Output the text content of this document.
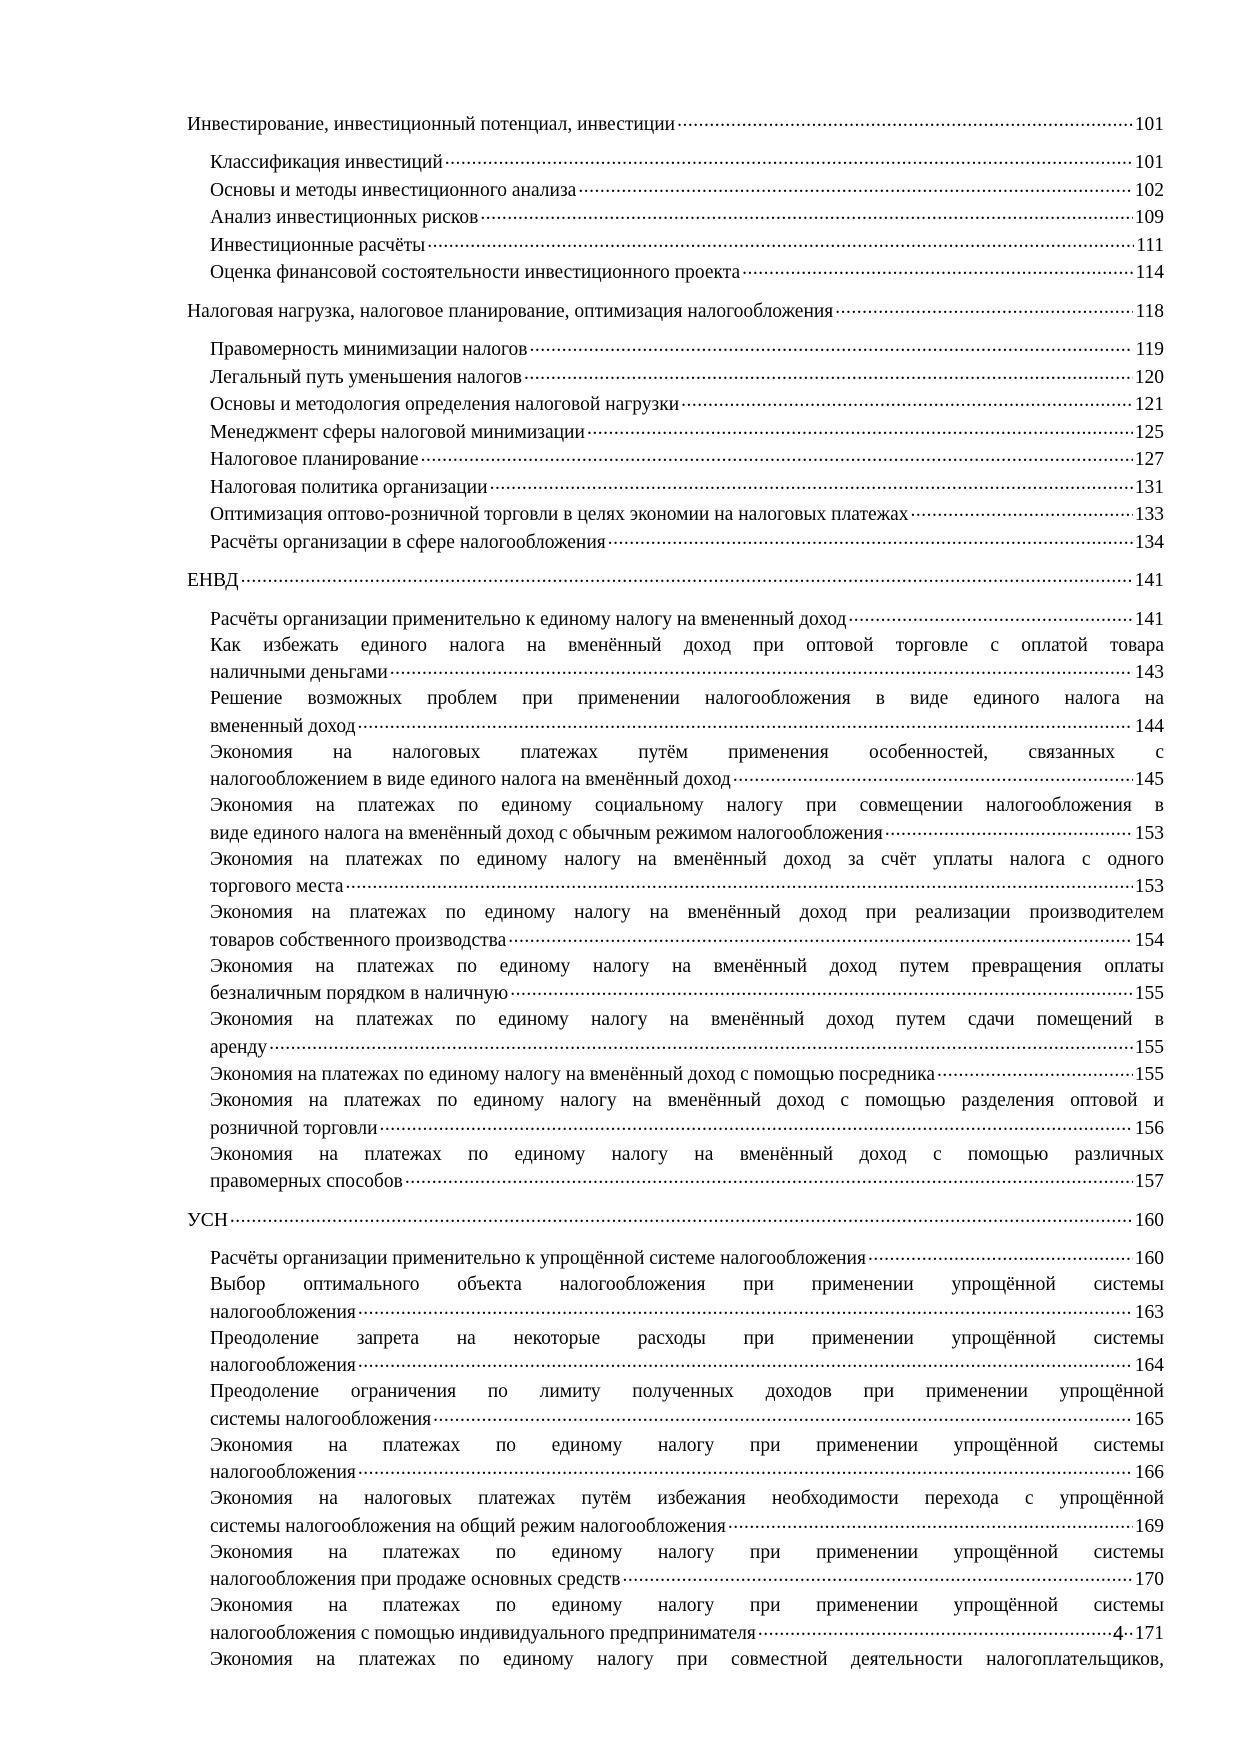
Инвестирование, инвестиционный потенциал, инвестиции .....	101
Классификация инвестиций .....	101
Основы и методы инвестиционного анализа .....	102
Анализ инвестиционных рисков .....	109
Инвестиционные расчёты .....	111
Оценка финансовой состоятельности инвестиционного проекта .....	114
Налоговая нагрузка, налоговое планирование, оптимизация налогообложения .....	118
Правомерность минимизации налогов .....	119
Легальный путь уменьшения налогов .....	120
Основы и методология определения налоговой нагрузки .....	121
Менеджмент сферы налоговой минимизации .....	125
Налоговое планирование .....	127
Налоговая политика организации .....	131
Оптимизация оптово-розничной торговли в целях экономии на налоговых платежах .....	133
Расчёты организации в сфере налогообложения .....	134
ЕНВД .....	141
Расчёты организации применительно к единому налогу на вмененный доход .....	141
Как избежать единого налога на вменённый доход при оптовой торговле с оплатой товара
наличными деньгами .....	143
Решение возможных проблем при применении налогообложения в виде единого налога на
вмененный доход .....	144
Экономия на налоговых платежах путём применения особенностей, связанных с
налогообложением в виде единого налога на вменённый доход .....	145
Экономия на платежах по единому социальному налогу при совмещении налогообложения в
виде единого налога на вменённый доход с обычным режимом налогообложения .....	153
Экономия на платежах по единому налогу на вменённый доход за счёт уплаты налога с одного
торгового места .....	153
Экономия на платежах по единому налогу на вменённый доход при реализации производителем
товаров собственного производства .....	154
Экономия на платежах по единому налогу на вменённый доход путем превращения оплаты
безналичным порядком в наличную .....	155
Экономия на платежах по единому налогу на вменённый доход путем сдачи помещений в
аренду .....	155
Экономия на платежах по единому налогу на вменённый доход с помощью посредника .....	155
Экономия на платежах по единому налогу на вменённый доход с помощью разделения оптовой и
розничной торговли .....	156
Экономия на платежах по единому налогу на вменённый доход с помощью различных
правомерных способов .....	157
УСН .....	160
Расчёты организации применительно к упрощённой системе налогообложения .....	160
Выбор оптимального объекта налогообложения при применении упрощённой системы
налогообложения .....	163
Преодоление запрета на некоторые расходы при применении упрощённой системы
налогообложения .....	164
Преодоление ограничения по лимиту полученных доходов при применении упрощённой
системы налогообложения .....	165
Экономия на платежах по единому налогу при применении упрощённой системы
налогообложения .....	166
Экономия на налоговых платежах путём избежания необходимости перехода с упрощённой
системы налогообложения на общий режим налогообложения .....	169
Экономия на платежах по единому налогу при применении упрощённой системы
налогообложения при продаже основных средств .....	170
Экономия на платежах по единому налогу при применении упрощённой системы
налогообложения с помощью индивидуального предпринимателя .....	171
Экономия на платежах по единому налогу при совместной деятельности налогоплательщиков,
4
